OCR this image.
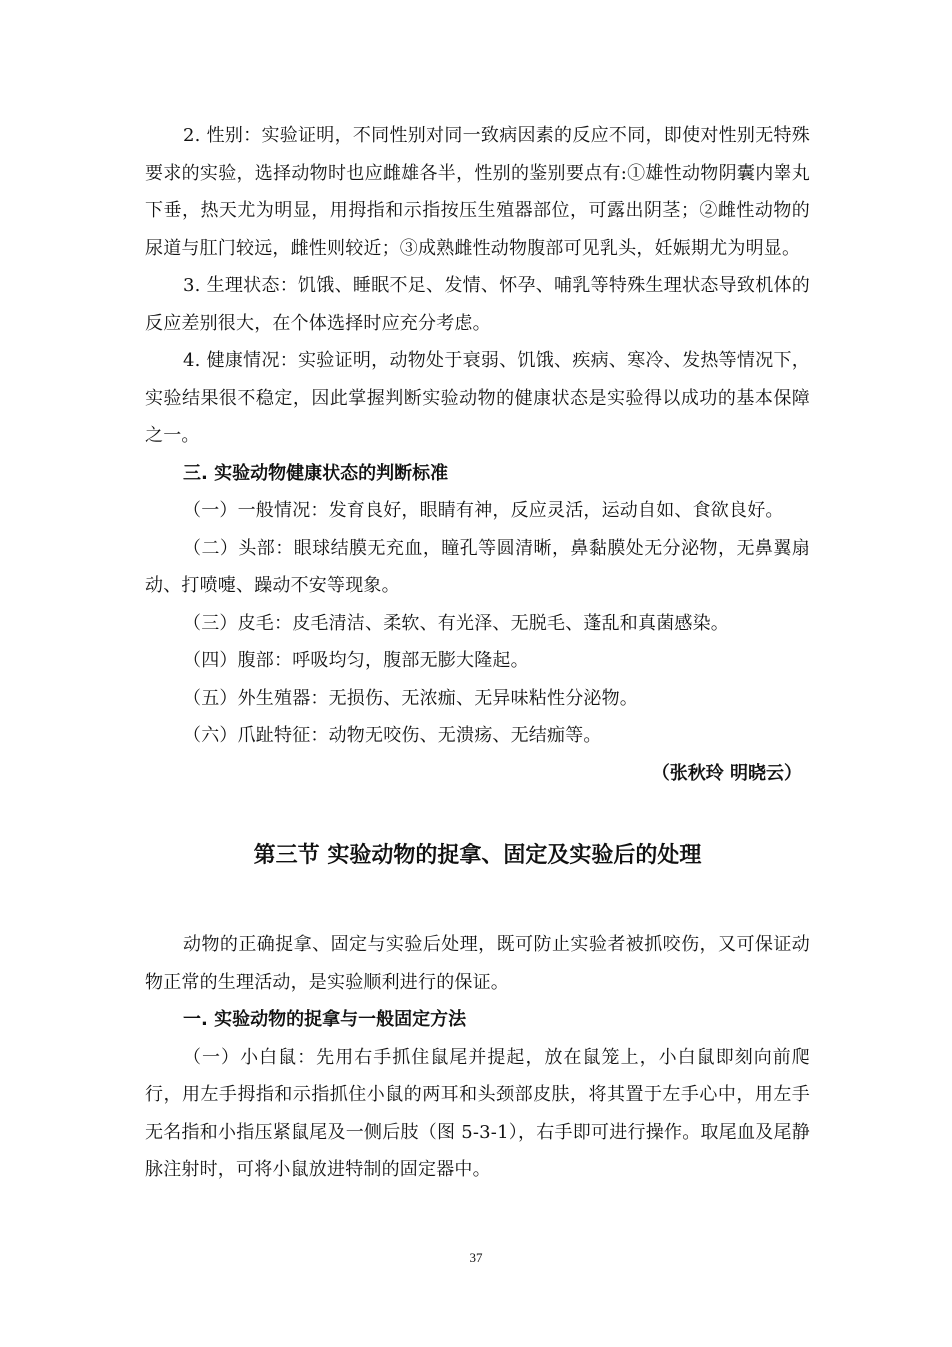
2. 性别：实验证明，不同性别对同一致病因素的反应不同，即使对性别无特殊要求的实验，选择动物时也应雌雄各半，性别的鉴别要点有:①雄性动物阴囊内睾丸下垂，热天尤为明显，用拇指和示指按压生殖器部位，可露出阴茎；②雌性动物的尿道与肛门较远，雌性则较近；③成熟雌性动物腹部可见乳头，妊娠期尤为明显。

3. 生理状态：饥饿、睡眠不足、发情、怀孕、哺乳等特殊生理状态导致机体的反应差别很大，在个体选择时应充分考虑。

4. 健康情况：实验证明，动物处于衰弱、饥饿、疾病、寒冷、发热等情况下，实验结果很不稳定，因此掌握判断实验动物的健康状态是实验得以成功的基本保障之一。

三. 实验动物健康状态的判断标准

（一）一般情况：发育良好，眼睛有神，反应灵活，运动自如、食欲良好。

（二）头部：眼球结膜无充血，瞳孔等圆清晰，鼻黏膜处无分泌物，无鼻翼扇动、打喷嚏、躁动不安等现象。

（三）皮毛：皮毛清洁、柔软、有光泽、无脱毛、蓬乱和真菌感染。

（四）腹部：呼吸均匀，腹部无膨大隆起。

（五）外生殖器：无损伤、无浓痂、无异味粘性分泌物。

（六）爪趾特征：动物无咬伤、无溃疡、无结痂等。

（张秋玲 明晓云）

第三节 实验动物的捉拿、固定及实验后的处理

动物的正确捉拿、固定与实验后处理，既可防止实验者被抓咬伤，又可保证动物正常的生理活动，是实验顺利进行的保证。

一. 实验动物的捉拿与一般固定方法

（一）小白鼠：先用右手抓住鼠尾并提起，放在鼠笼上，小白鼠即刻向前爬行，用左手拇指和示指抓住小鼠的两耳和头颈部皮肤，将其置于左手心中，用左手无名指和小指压紧鼠尾及一侧后肢（图 5-3-1），右手即可进行操作。取尾血及尾静脉注射时，可将小鼠放进特制的固定器中。

37
